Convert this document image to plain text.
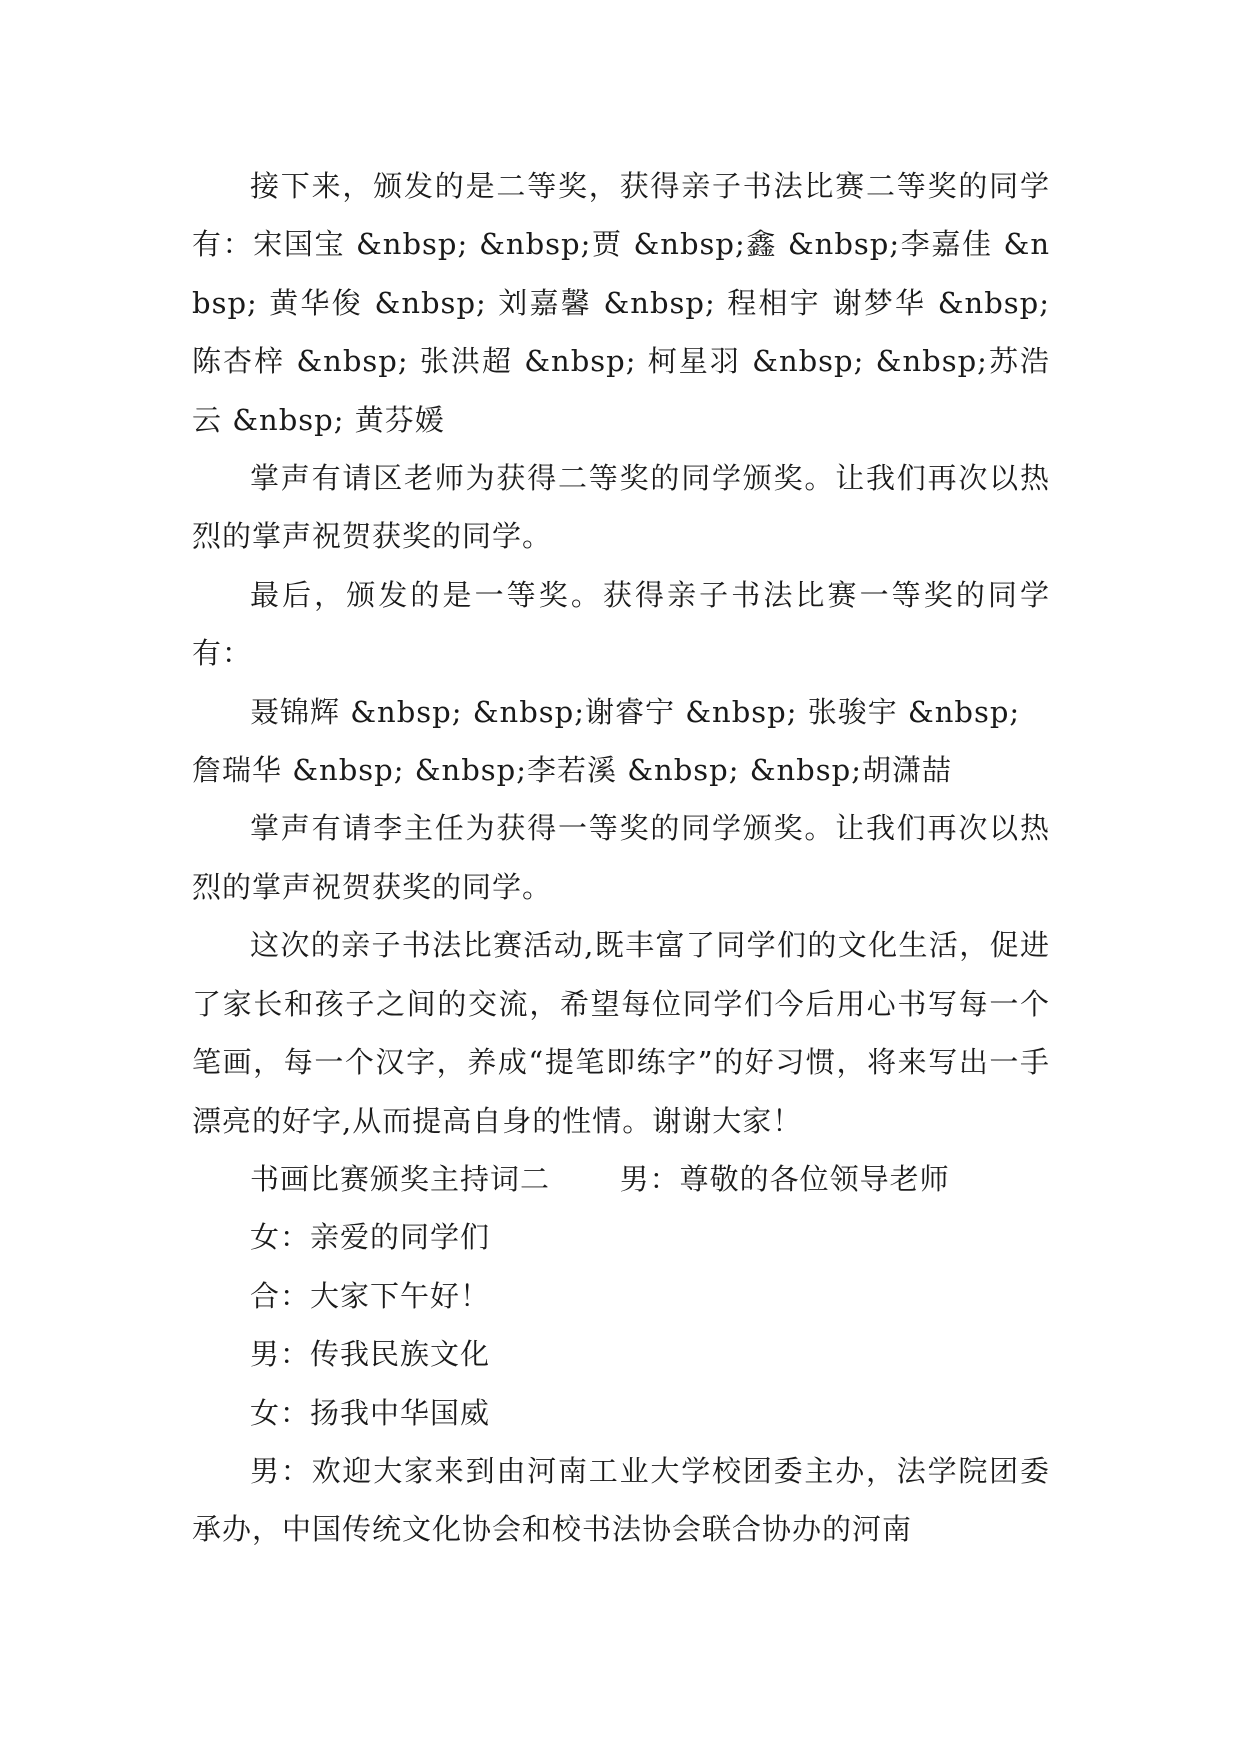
接下来，颁发的是二等奖，获得亲子书法比赛二等奖的同学有：宋国宝 &nbsp; &nbsp;贾 &nbsp;鑫 &nbsp;李嘉佳 &nbsp; 黄华俊 &nbsp; 刘嘉馨 &nbsp; 程相宇 谢梦华 &nbsp; 陈杏梓 &nbsp; 张洪超 &nbsp; 柯星羽 &nbsp; &nbsp;苏浩云 &nbsp; 黄芬媛

掌声有请区老师为获得二等奖的同学颁奖。让我们再次以热烈的掌声祝贺获奖的同学。

最后，颁发的是一等奖。获得亲子书法比赛一等奖的同学有：

聂锦辉 &nbsp; &nbsp;谢睿宁 &nbsp; 张骏宇 &nbsp; 詹瑞华 &nbsp; &nbsp;李若溪 &nbsp; &nbsp;胡潇喆

掌声有请李主任为获得一等奖的同学颁奖。让我们再次以热烈的掌声祝贺获奖的同学。

这次的亲子书法比赛活动,既丰富了同学们的文化生活，促进了家长和孩子之间的交流，希望每位同学们今后用心书写每一个笔画，每一个汉字，养成“提笔即练字”的好习惯，将来写出一手漂亮的好字,从而提高自身的性情。谢谢大家！

书画比赛颁奖主持词二 男：尊敬的各位领导老师

女：亲爱的同学们

合：大家下午好！

男：传我民族文化

女：扬我中华国威

男：欢迎大家来到由河南工业大学校团委主办，法学院团委承办，中国传统文化协会和校书法协会联合协办的河南
